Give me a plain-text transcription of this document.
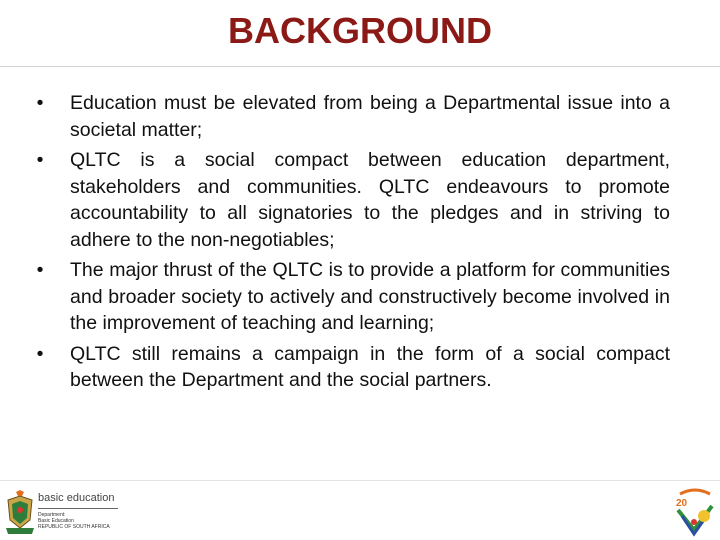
BACKGROUND
•	Education must be elevated from being a Departmental issue into a societal matter;
•	QLTC is a social compact between education department, stakeholders and communities. QLTC endeavours to promote accountability to all signatories to the pledges and in striving to adhere to the non-negotiables;
•	The major thrust of the QLTC is to provide a platform for communities and broader society to actively and constructively become involved in the improvement of teaching and learning;
•	QLTC still remains a campaign in the form of a social compact between the Department and the social partners.
basic education
Department:
Basic Education
REPUBLIC OF SOUTH AFRICA
20
